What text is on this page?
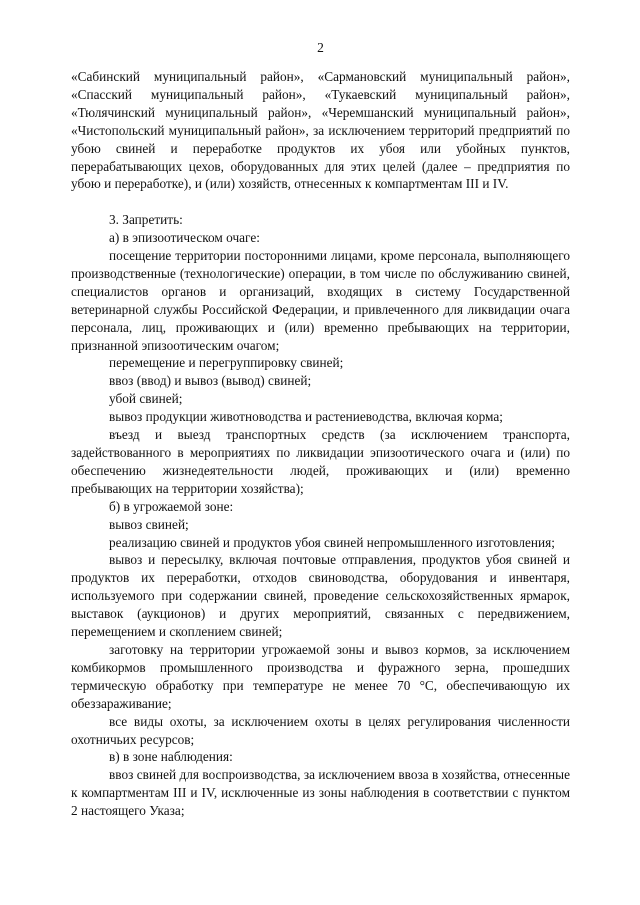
2

«Сабинский муниципальный район», «Сармановский муниципальный район», «Спасский муниципальный район», «Тукаевский муниципальный район», «Тюлячинский муниципальный район», «Черемшанский муниципальный район», «Чистопольский муниципальный район», за исключением территорий предприятий по убою свиней и переработке продуктов их убоя или убойных пунктов, перерабатывающих цехов, оборудованных для этих целей (далее – предприятия по убою и переработке), и (или) хозяйств, отнесенных к компартментам III и IV.

3. Запретить:

а) в эпизоотическом очаге:

посещение территории посторонними лицами, кроме персонала, выполняющего производственные (технологические) операции, в том числе по обслуживанию свиней, специалистов органов и организаций, входящих в систему Государственной ветеринарной службы Российской Федерации, и привлеченного для ликвидации очага персонала, лиц, проживающих и (или) временно пребывающих на территории, признанной эпизоотическим очагом;

перемещение и перегруппировку свиней;

ввоз (ввод) и вывоз (вывод) свиней;

убой свиней;

вывоз продукции животноводства и растениеводства, включая корма;

въезд и выезд транспортных средств (за исключением транспорта, задействованного в мероприятиях по ликвидации эпизоотического очага и (или) по обеспечению жизнедеятельности людей, проживающих и (или) временно пребывающих на территории хозяйства);

б) в угрожаемой зоне:

вывоз свиней;

реализацию свиней и продуктов убоя свиней непромышленного изготовления;

вывоз и пересылку, включая почтовые отправления, продуктов убоя свиней и продуктов их переработки, отходов свиноводства, оборудования и инвентаря, используемого при содержании свиней, проведение сельскохозяйственных ярмарок, выставок (аукционов) и других мероприятий, связанных с передвижением, перемещением и скоплением свиней;

заготовку на территории угрожаемой зоны и вывоз кормов, за исключением комбикормов промышленного производства и фуражного зерна, прошедших термическую обработку при температуре не менее 70 °С, обеспечивающую их обеззараживание;

все виды охоты, за исключением охоты в целях регулирования численности охотничьих ресурсов;

в) в зоне наблюдения:

ввоз свиней для воспроизводства, за исключением ввоза в хозяйства, отнесенные к компартментам III и IV, исключенные из зоны наблюдения в соответствии с пунктом 2 настоящего Указа;
